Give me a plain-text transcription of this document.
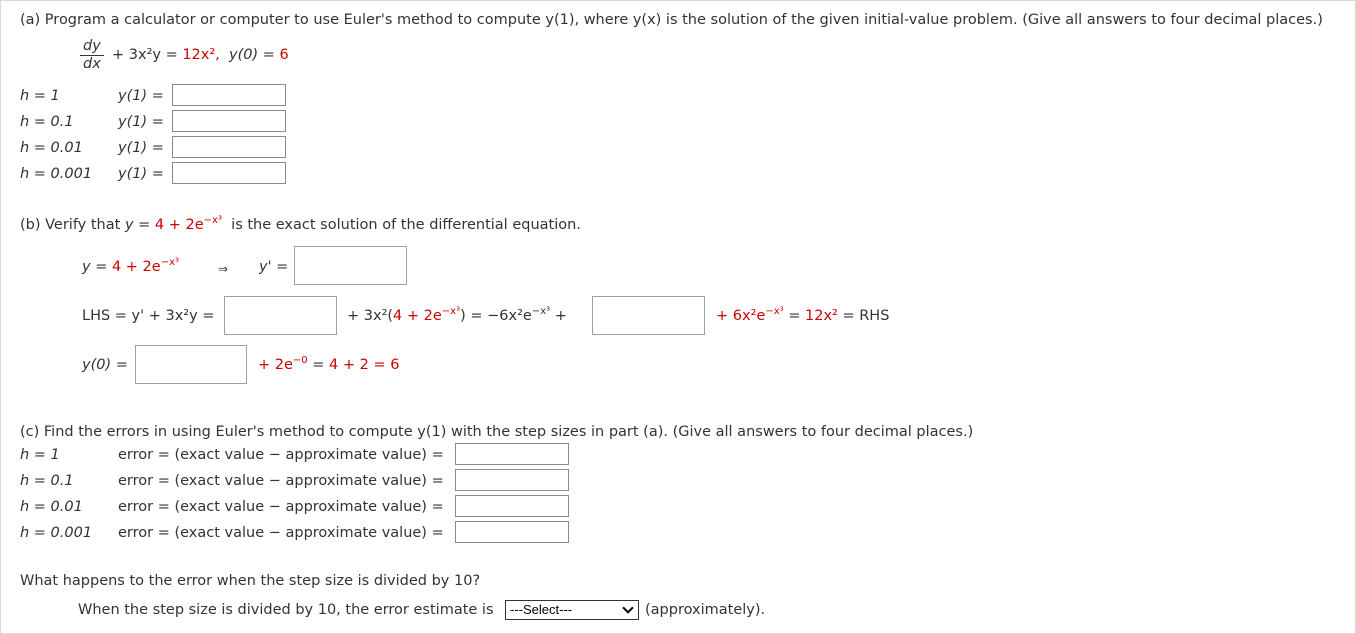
(a) Program a calculator or computer to use Euler's method to compute y(1), where y(x) is the solution of the given initial-value problem. (Give all answers to four decimal places.)
$\frac{dy}{dx} + 3x^2y = 12x^2$, y(0) = 6
h = 1	y(1) =
h = 0.1	y(1) =
h = 0.01 y(1) =
h = 0.001 y(1) =
(b) Verify that $y = 4 + 2e^{-x^3}$ is the exact solution of the differential equation.
$y = 4 + 2e^{-x^3}$	⇒ y' =
LHS = y' + 3x²y =	+ $3x^2(4 + 2e^{-x^3}) = -6x^2e^{-x^3}$ +	+ $6x^2e^{-x^3} = 12x^2$ = RHS
y(0) =	+ $2e^{-0} = 4 + 2 = 6$
(c) Find the errors in using Euler's method to compute y(1) with the step sizes in part (a). (Give all answers to four decimal places.)
h = 1	error = (exact value − approximate value) =
h = 0.1	error = (exact value − approximate value) =
h = 0.01 error = (exact value − approximate value) =
h = 0.001 error = (exact value − approximate value) =
What happens to the error when the step size is divided by 10?
When the step size is divided by 10, the error estimate is	---Select---	(approximately).
